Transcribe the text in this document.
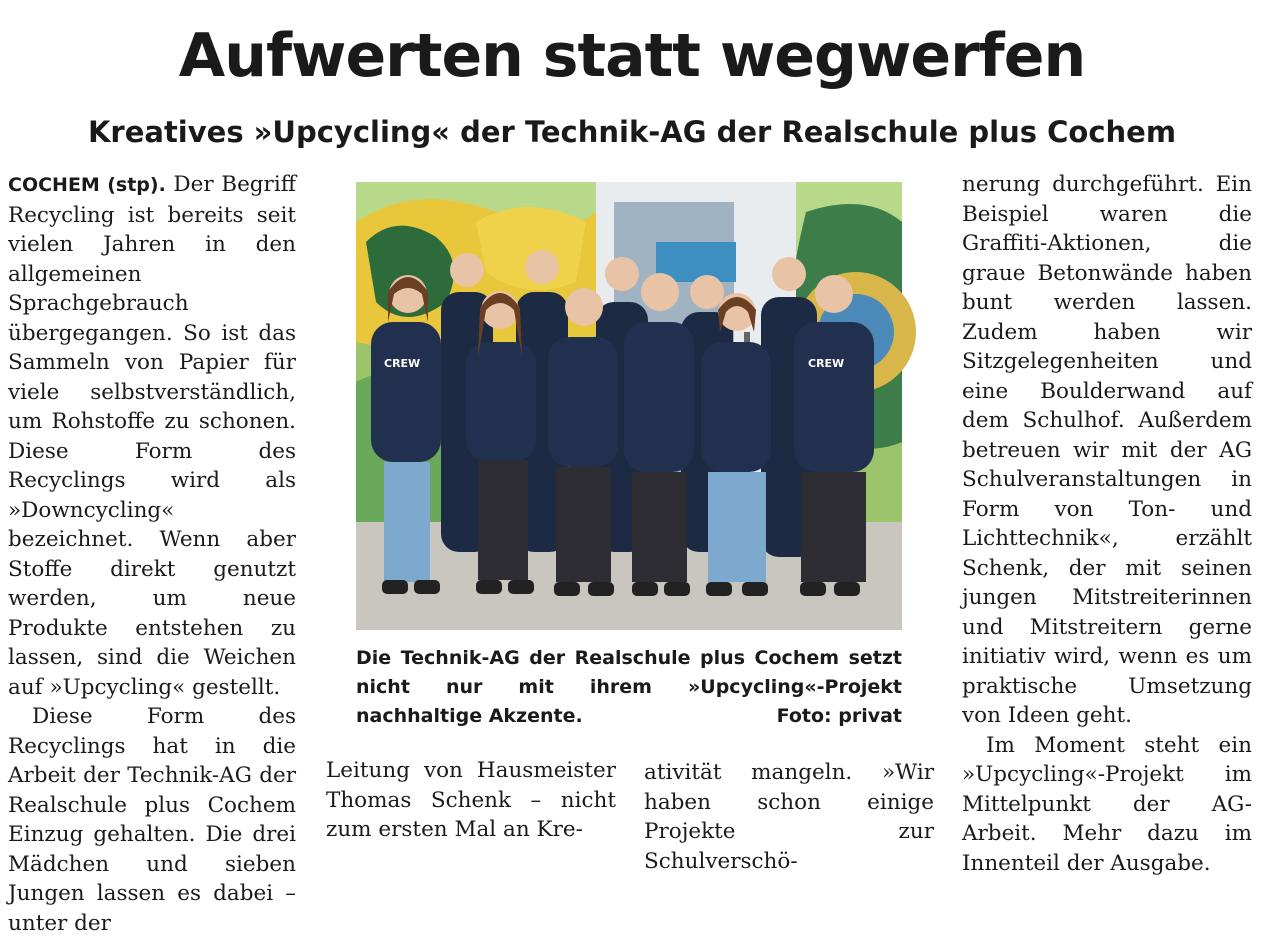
Aufwerten statt wegwerfen
Kreatives »Upcycling« der Technik-AG der Realschule plus Cochem

COCHEM (stp). Der Begriff Recycling ist bereits seit vielen Jahren in den allgemeinen Sprachgebrauch übergegangen. So ist das Sammeln von Papier für viele selbstverständlich, um Rohstoffe zu schonen. Diese Form des Recyclings wird als »Downcycling« bezeichnet. Wenn aber Stoffe direkt genutzt werden, um neue Produkte entstehen zu lassen, sind die Weichen auf »Upcycling« gestellt.

Diese Form des Recyclings hat in die Arbeit der Technik-AG der Realschule plus Cochem Einzug gehalten. Die drei Mädchen und sieben Jungen lassen es dabei – unter der

CREW	CREW
Die Technik-AG der Realschule plus Cochem setzt nicht nur mit ihrem »Upcycling«-Projekt nachhaltige Akzente.	Foto: privat

Leitung von Hausmeister Thomas Schenk – nicht zum ersten Mal an Kre-

ativität mangeln. »Wir haben schon einige Projekte zur Schulverschö-

nerung durchgeführt. Ein Beispiel waren die Graffiti-Aktionen, die graue Betonwände haben bunt werden lassen. Zudem haben wir Sitzgelegenheiten und eine Boulderwand auf dem Schulhof. Außerdem betreuen wir mit der AG Schulveranstaltungen in Form von Ton- und Lichttechnik«, erzählt Schenk, der mit seinen jungen Mitstreiterinnen und Mitstreitern gerne initiativ wird, wenn es um praktische Umsetzung von Ideen geht.

Im Moment steht ein »Upcycling«-Projekt im Mittelpunkt der AG-Arbeit. Mehr dazu im Innenteil der Ausgabe.
